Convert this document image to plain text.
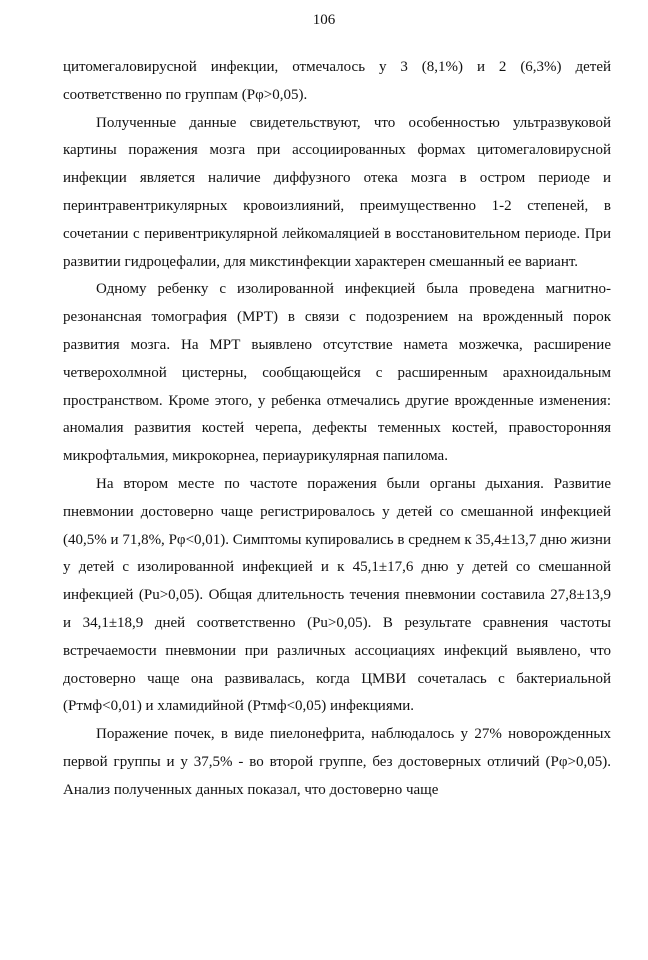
106

цитомегаловирусной инфекции, отмечалось у 3 (8,1%) и 2 (6,3%) детей соответственно по группам (Рφ>0,05).

Полученные данные свидетельствуют, что особенностью ультразвуковой картины поражения мозга при ассоциированных формах цитомегаловирусной инфекции является наличие диффузного отека мозга в остром периоде и перинтравентрикулярных кровоизлияний, преимущественно 1-2 степеней, в сочетании с перивентрикулярной лейкомаляцией в восстановительном периоде. При развитии гидроцефалии, для микстинфекции характерен смешанный ее вариант.

Одному ребенку с изолированной инфекцией была проведена магнитно-резонансная томография (МРТ) в связи с подозрением на врожденный порок развития мозга. На МРТ выявлено отсутствие намета мозжечка, расширение четверохолмной цистерны, сообщающейся с расширенным арахноидальным пространством. Кроме этого, у ребенка отмечались другие врожденные изменения: аномалия развития костей черепа, дефекты теменных костей, правосторонняя микрофтальмия, микрокорнеа, периаурикулярная папилома.

На втором месте по частоте поражения были органы дыхания. Развитие пневмонии достоверно чаще регистрировалось у детей со смешанной инфекцией (40,5% и 71,8%, Рφ<0,01). Симптомы купировались в среднем к 35,4±13,7 дню жизни у детей с изолированной инфекцией и к 45,1±17,6 дню у детей со смешанной инфекцией (Рu>0,05). Общая длительность течения пневмонии составила 27,8±13,9 и 34,1±18,9 дней соответственно (Рu>0,05). В результате сравнения частоты встречаемости пневмонии при различных ассоциациях инфекций выявлено, что достоверно чаще она развивалась, когда ЦМВИ сочеталась с бактериальной (Ртмф<0,01) и хламидийной (Ртмф<0,05) инфекциями.

Поражение почек, в виде пиелонефрита, наблюдалось у 27% новорожденных первой группы и у 37,5% - во второй группе, без достоверных отличий (Рφ>0,05). Анализ полученных данных показал, что достоверно чаще
